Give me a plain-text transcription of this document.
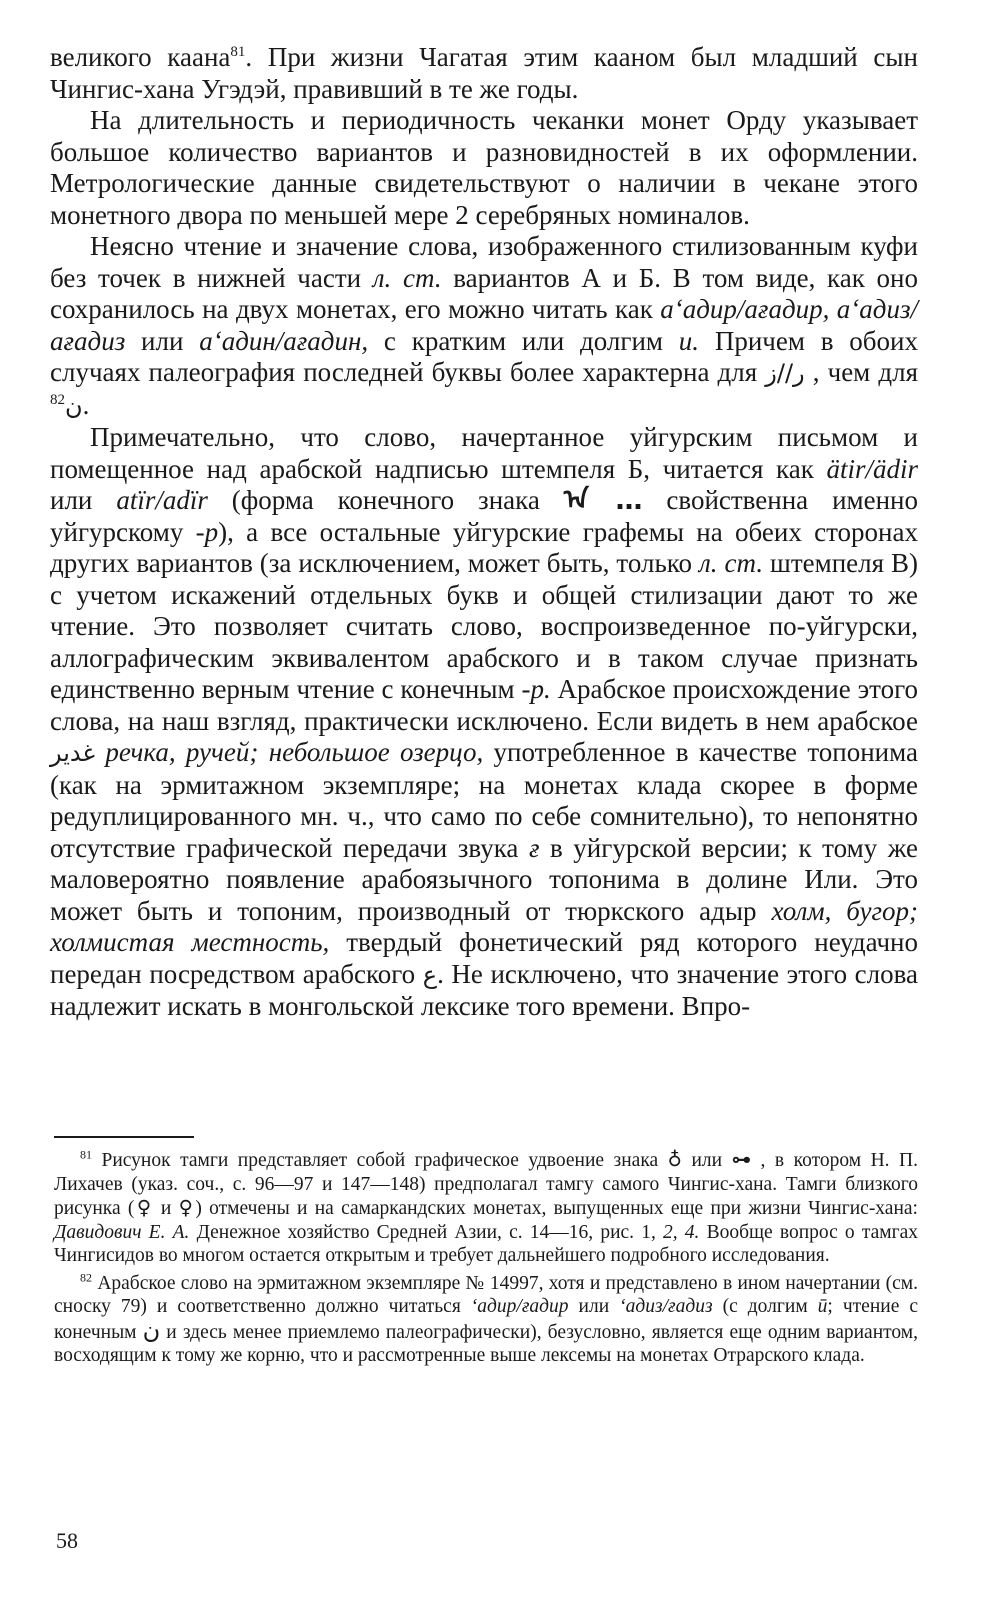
великого каана$^{81}$. При жизни Чагатая этим кааном был младший сын Чингис-хана Угэдэй, правивший в те же годы.

На длительность и периодичность чеканки монет Орду указывает большое количество вариантов и разновидностей в их оформлении. Метрологические данные свидетельствуют о наличии в чекане этого монетного двора по меньшей мере 2 серебряных номиналов.

Неясно чтение и значение слова, изображенного стилизованным куфи без точек в нижней части л. ст. вариантов А и Б. В том виде, как оно сохранилось на двух монетах, его можно читать как а‘адир/ағадир, а‘адиз/ағадиз или а‘адин/ағадин, с кратким или долгим и. Причем в обоих случаях палеография последней буквы более характерна для ر//ز , чем для ن$^{82}$ .

Примечательно, что слово, начертанное уйгурским письмом и помещенное над арабской надписью штемпеля Б, читается как ätir/ädir или atïr/adïr (форма конечного знака ᠠ … свойственна именно уйгурскому -р), а все остальные уйгурские графемы на обеих сторонах других вариантов (за исключением, может быть, только л. ст. штемпеля В) с учетом искажений отдельных букв и общей стилизации дают то же чтение. Это позволяет считать слово, воспроизведенное по-уйгурски, аллографическим эквивалентом арабского и в таком случае признать единственно верным чтение с конечным -р. Арабское происхождение этого слова, на наш взгляд, практически исключено. Если видеть в нем арабское غدير речка, ручей; небольшое озерцо, употребленное в качестве топонима (как на эрмитажном экземпляре; на монетах клада скорее в форме редуплицированного мн. ч., что само по себе сомнительно), то непонятно отсутствие графической передачи звука ғ в уйгурской версии; к тому же маловероятно появление арабоязычного топонима в долине Или. Это может быть и топоним, производный от тюркского адыр холм, бугор; холмистая местность, твердый фонетический ряд которого неудачно передан посредством арабского ع. Не исключено, что значение этого слова надлежит искать в монгольской лексике того времени. Впро-

$^{81}$ Рисунок тамги представляет собой графическое удвоение знака ♁ или ⊶ , в котором Н. П. Лихачев (указ. соч., с. 96—97 и 147—148) предполагал тамгу самого Чингис-хана. Тамги близкого рисунка (♀ и ♀) отмечены и на самаркандских монетах, выпущенных еще при жизни Чингис-хана: Давидович Е. А. Денежное хозяйство Средней Азии, с. 14—16, рис. 1, 2, 4. Вообще вопрос о тамгах Чингисидов во многом остается открытым и требует дальнейшего подробного исследования.

$^{82}$ Арабское слово на эрмитажном экземпляре № 14997, хотя и представлено в ином начертании (см. сноску 79) и соответственно должно читаться ‘адир/ғадир или ‘адиз/ғадиз (с долгим ӣ; чтение с конечным ن и здесь менее приемлемо палеографически), безусловно, является еще одним вариантом, восходящим к тому же корню, что и рассмотренные выше лексемы на монетах Отрарского клада.

58
